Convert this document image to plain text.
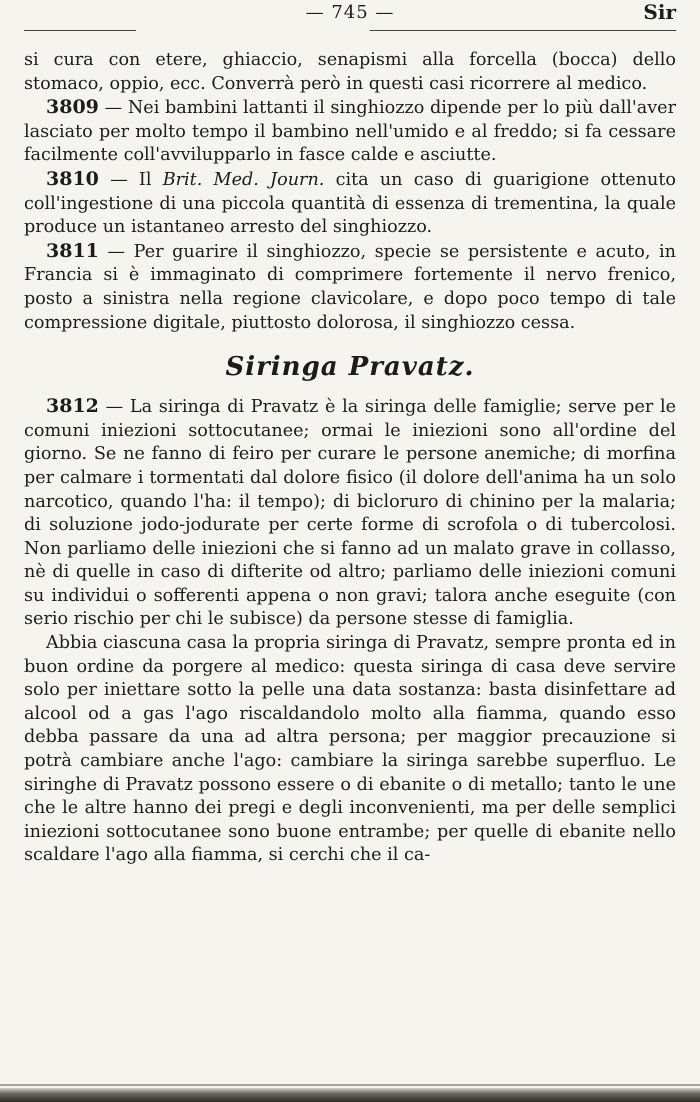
— 745 —	Sir

si cura con etere, ghiaccio, senapismi alla forcella (bocca) dello stomaco, oppio, ecc. Converrà però in questi casi ricorrere al medico.

3809 — Nei bambini lattanti il singhiozzo dipende per lo più dall'aver lasciato per molto tempo il bambino nell'umido e al freddo; si fa cessare facilmente coll'avvilupparlo in fasce calde e asciutte.

3810 — Il Brit. Med. Journ. cita un caso di guarigione ottenuto coll'ingestione di una piccola quantità di essenza di trementina, la quale produce un istantaneo arresto del singhiozzo.

3811 — Per guarire il singhiozzo, specie se persistente e acuto, in Francia si è immaginato di comprimere fortemente il nervo frenico, posto a sinistra nella regione clavicolare, e dopo poco tempo di tale compressione digitale, piuttosto dolorosa, il singhiozzo cessa.

Siringa Pravatz.

3812 — La siringa di Pravatz è la siringa delle famiglie; serve per le comuni iniezioni sottocutanee; ormai le iniezioni sono all'ordine del giorno. Se ne fanno di feiro per curare le persone anemiche; di morfina per calmare i tormentati dal dolore fisico (il dolore dell'anima ha un solo narcotico, quando l'ha: il tempo); di bicloruro di chinino per la malaria; di soluzione jodo-jodurate per certe forme di scrofola o di tubercolosi. Non parliamo delle iniezioni che si fanno ad un malato grave in collasso, nè di quelle in caso di difterite od altro; parliamo delle iniezioni comuni su individui o sofferenti appena o non gravi; talora anche eseguite (con serio rischio per chi le subisce) da persone stesse di famiglia.

Abbia ciascuna casa la propria siringa di Pravatz, sempre pronta ed in buon ordine da porgere al medico: questa siringa di casa deve servire solo per iniettare sotto la pelle una data sostanza: basta disinfettare ad alcool od a gas l'ago riscaldandolo molto alla fiamma, quando esso debba passare da una ad altra persona; per maggior precauzione si potrà cambiare anche l'ago: cambiare la siringa sarebbe superfluo. Le siringhe di Pravatz possono essere o di ebanite o di metallo; tanto le une che le altre hanno dei pregi e degli inconvenienti, ma per delle semplici iniezioni sottocutanee sono buone entrambe; per quelle di ebanite nello scaldare l'ago alla fiamma, si cerchi che il ca-
